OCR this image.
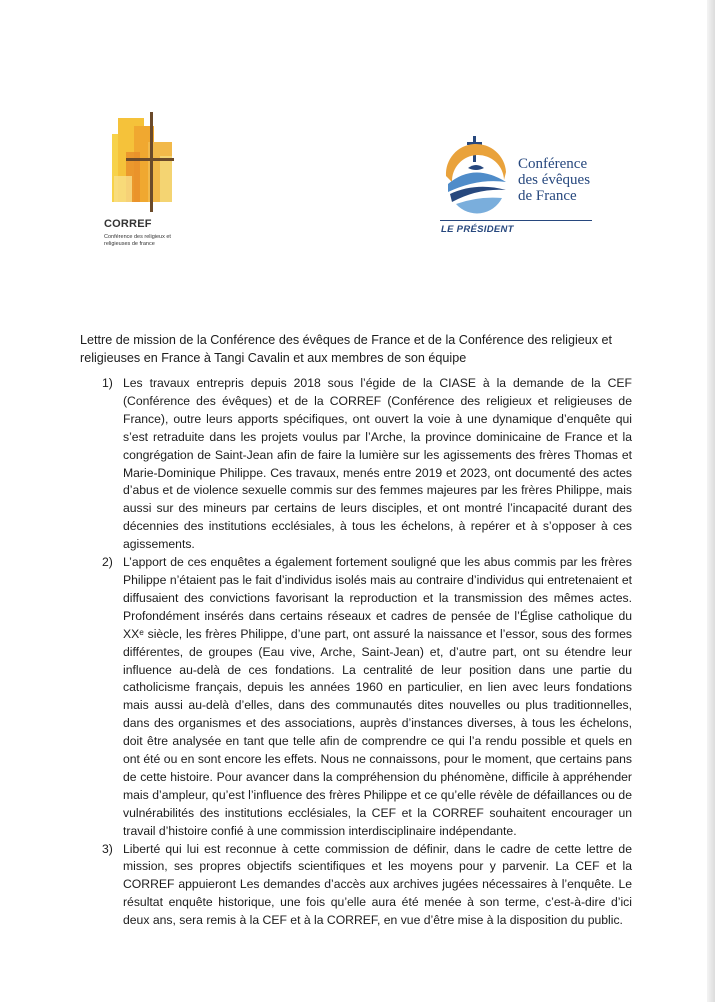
CORREF
Conférence des religieux et religieuses de france
Conférence
des évêques
de France
LE PRÉSIDENT
Lettre de mission de la Conférence des évêques de France et de la Conférence des religieux et religieuses en France à Tangi Cavalin et aux membres de son équipe
1) Les travaux entrepris depuis 2018 sous l’égide de la CIASE à la demande de la CEF (Conférence des évêques) et de la CORREF (Conférence des religieux et religieuses de France), outre leurs apports spécifiques, ont ouvert la voie à une dynamique d’enquête qui s’est retraduite dans les projets voulus par l’Arche, la province dominicaine de France et la congrégation de Saint-Jean afin de faire la lumière sur les agissements des frères Thomas et Marie-Dominique Philippe. Ces travaux, menés entre 2019 et 2023, ont documenté des actes d’abus et de violence sexuelle commis sur des femmes majeures par les frères Philippe, mais aussi sur des mineurs par certains de leurs disciples, et ont montré l’incapacité durant des décennies des institutions ecclésiales, à tous les échelons, à repérer et à s’opposer à ces agissements.
2) L’apport de ces enquêtes a également fortement souligné que les abus commis par les frères Philippe n’étaient pas le fait d’individus isolés mais au contraire d’individus qui entretenaient et diffusaient des convictions favorisant la reproduction et la transmission des mêmes actes. Profondément insérés dans certains réseaux et cadres de pensée de l’Église catholique du XXᵉ siècle, les frères Philippe, d’une part, ont assuré la naissance et l’essor, sous des formes différentes, de groupes (Eau vive, Arche, Saint-Jean) et, d’autre part, ont su étendre leur influence au-delà de ces fondations. La centralité de leur position dans une partie du catholicisme français, depuis les années 1960 en particulier, en lien avec leurs fondations mais aussi au-delà d’elles, dans des communautés dites nouvelles ou plus traditionnelles, dans des organismes et des associations, auprès d’instances diverses, à tous les échelons, doit être analysée en tant que telle afin de comprendre ce qui l’a rendu possible et quels en ont été ou en sont encore les effets. Nous ne connaissons, pour le moment, que certains pans de cette histoire. Pour avancer dans la compréhension du phénomène, difficile à appréhender mais d’ampleur, qu’est l’influence des frères Philippe et ce qu’elle révèle de défaillances ou de vulnérabilités des institutions ecclésiales, la CEF et la CORREF souhaitent encourager un travail d’histoire confié à une commission interdisciplinaire indépendante.
3) Liberté qui lui est reconnue à cette commission de définir, dans le cadre de cette lettre de mission, ses propres objectifs scientifiques et les moyens pour y parvenir. La CEF et la CORREF appuieront Les demandes d’accès aux archives jugées nécessaires à l’enquête. Le résultat enquête historique, une fois qu’elle aura été menée à son terme, c’est-à-dire d’ici deux ans, sera remis à la CEF et à la CORREF, en vue d’être mise à la disposition du public.
